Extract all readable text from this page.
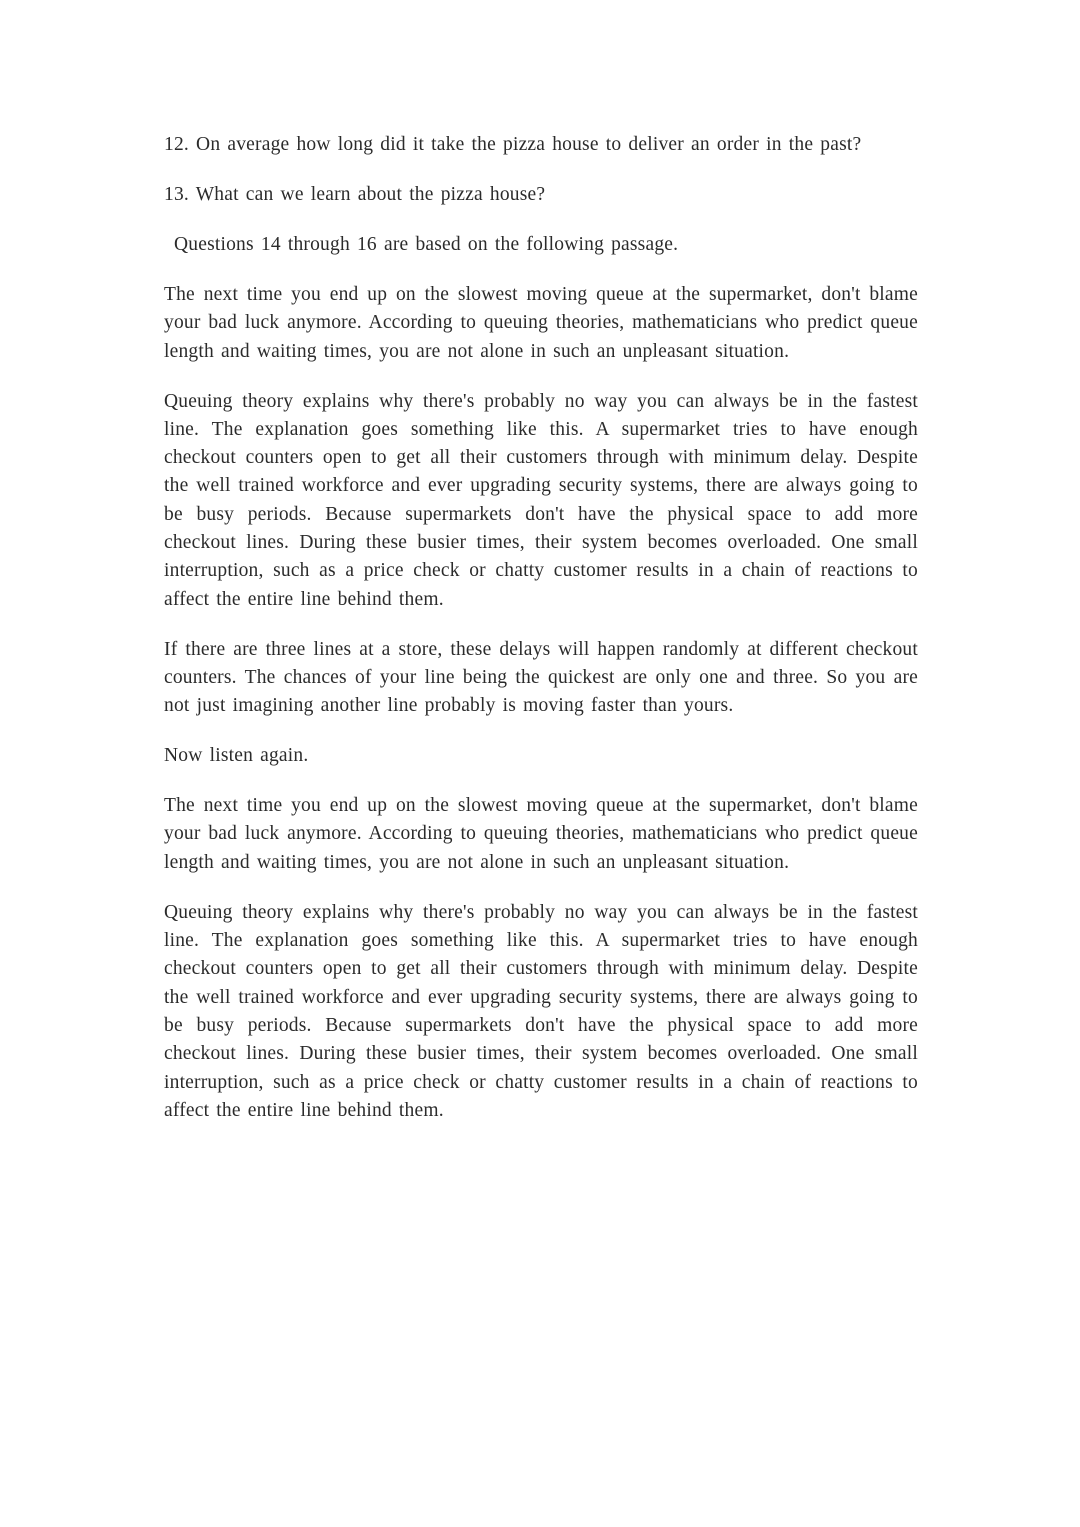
12. On average how long did it take the pizza house to deliver an order in the past?

13. What can we learn about the pizza house?

Questions 14 through 16 are based on the following passage.

The next time you end up on the slowest moving queue at the supermarket, don't blame your bad luck anymore. According to queuing theories, mathematicians who predict queue length and waiting times, you are not alone in such an unpleasant situation.

Queuing theory explains why there's probably no way you can always be in the fastest line. The explanation goes something like this. A supermarket tries to have enough checkout counters open to get all their customers through with minimum delay. Despite the well trained workforce and ever upgrading security systems, there are always going to be busy periods. Because supermarkets don't have the physical space to add more checkout lines. During these busier times, their system becomes overloaded. One small interruption, such as a price check or chatty customer results in a chain of reactions to affect the entire line behind them.

If there are three lines at a store, these delays will happen randomly at different checkout counters. The chances of your line being the quickest are only one and three. So you are not just imagining another line probably is moving faster than yours.

Now listen again.

The next time you end up on the slowest moving queue at the supermarket, don't blame your bad luck anymore. According to queuing theories, mathematicians who predict queue length and waiting times, you are not alone in such an unpleasant situation.

Queuing theory explains why there's probably no way you can always be in the fastest line. The explanation goes something like this. A supermarket tries to have enough checkout counters open to get all their customers through with minimum delay. Despite the well trained workforce and ever upgrading security systems, there are always going to be busy periods. Because supermarkets don't have the physical space to add more checkout lines. During these busier times, their system becomes overloaded. One small interruption, such as a price check or chatty customer results in a chain of reactions to affect the entire line behind them.
